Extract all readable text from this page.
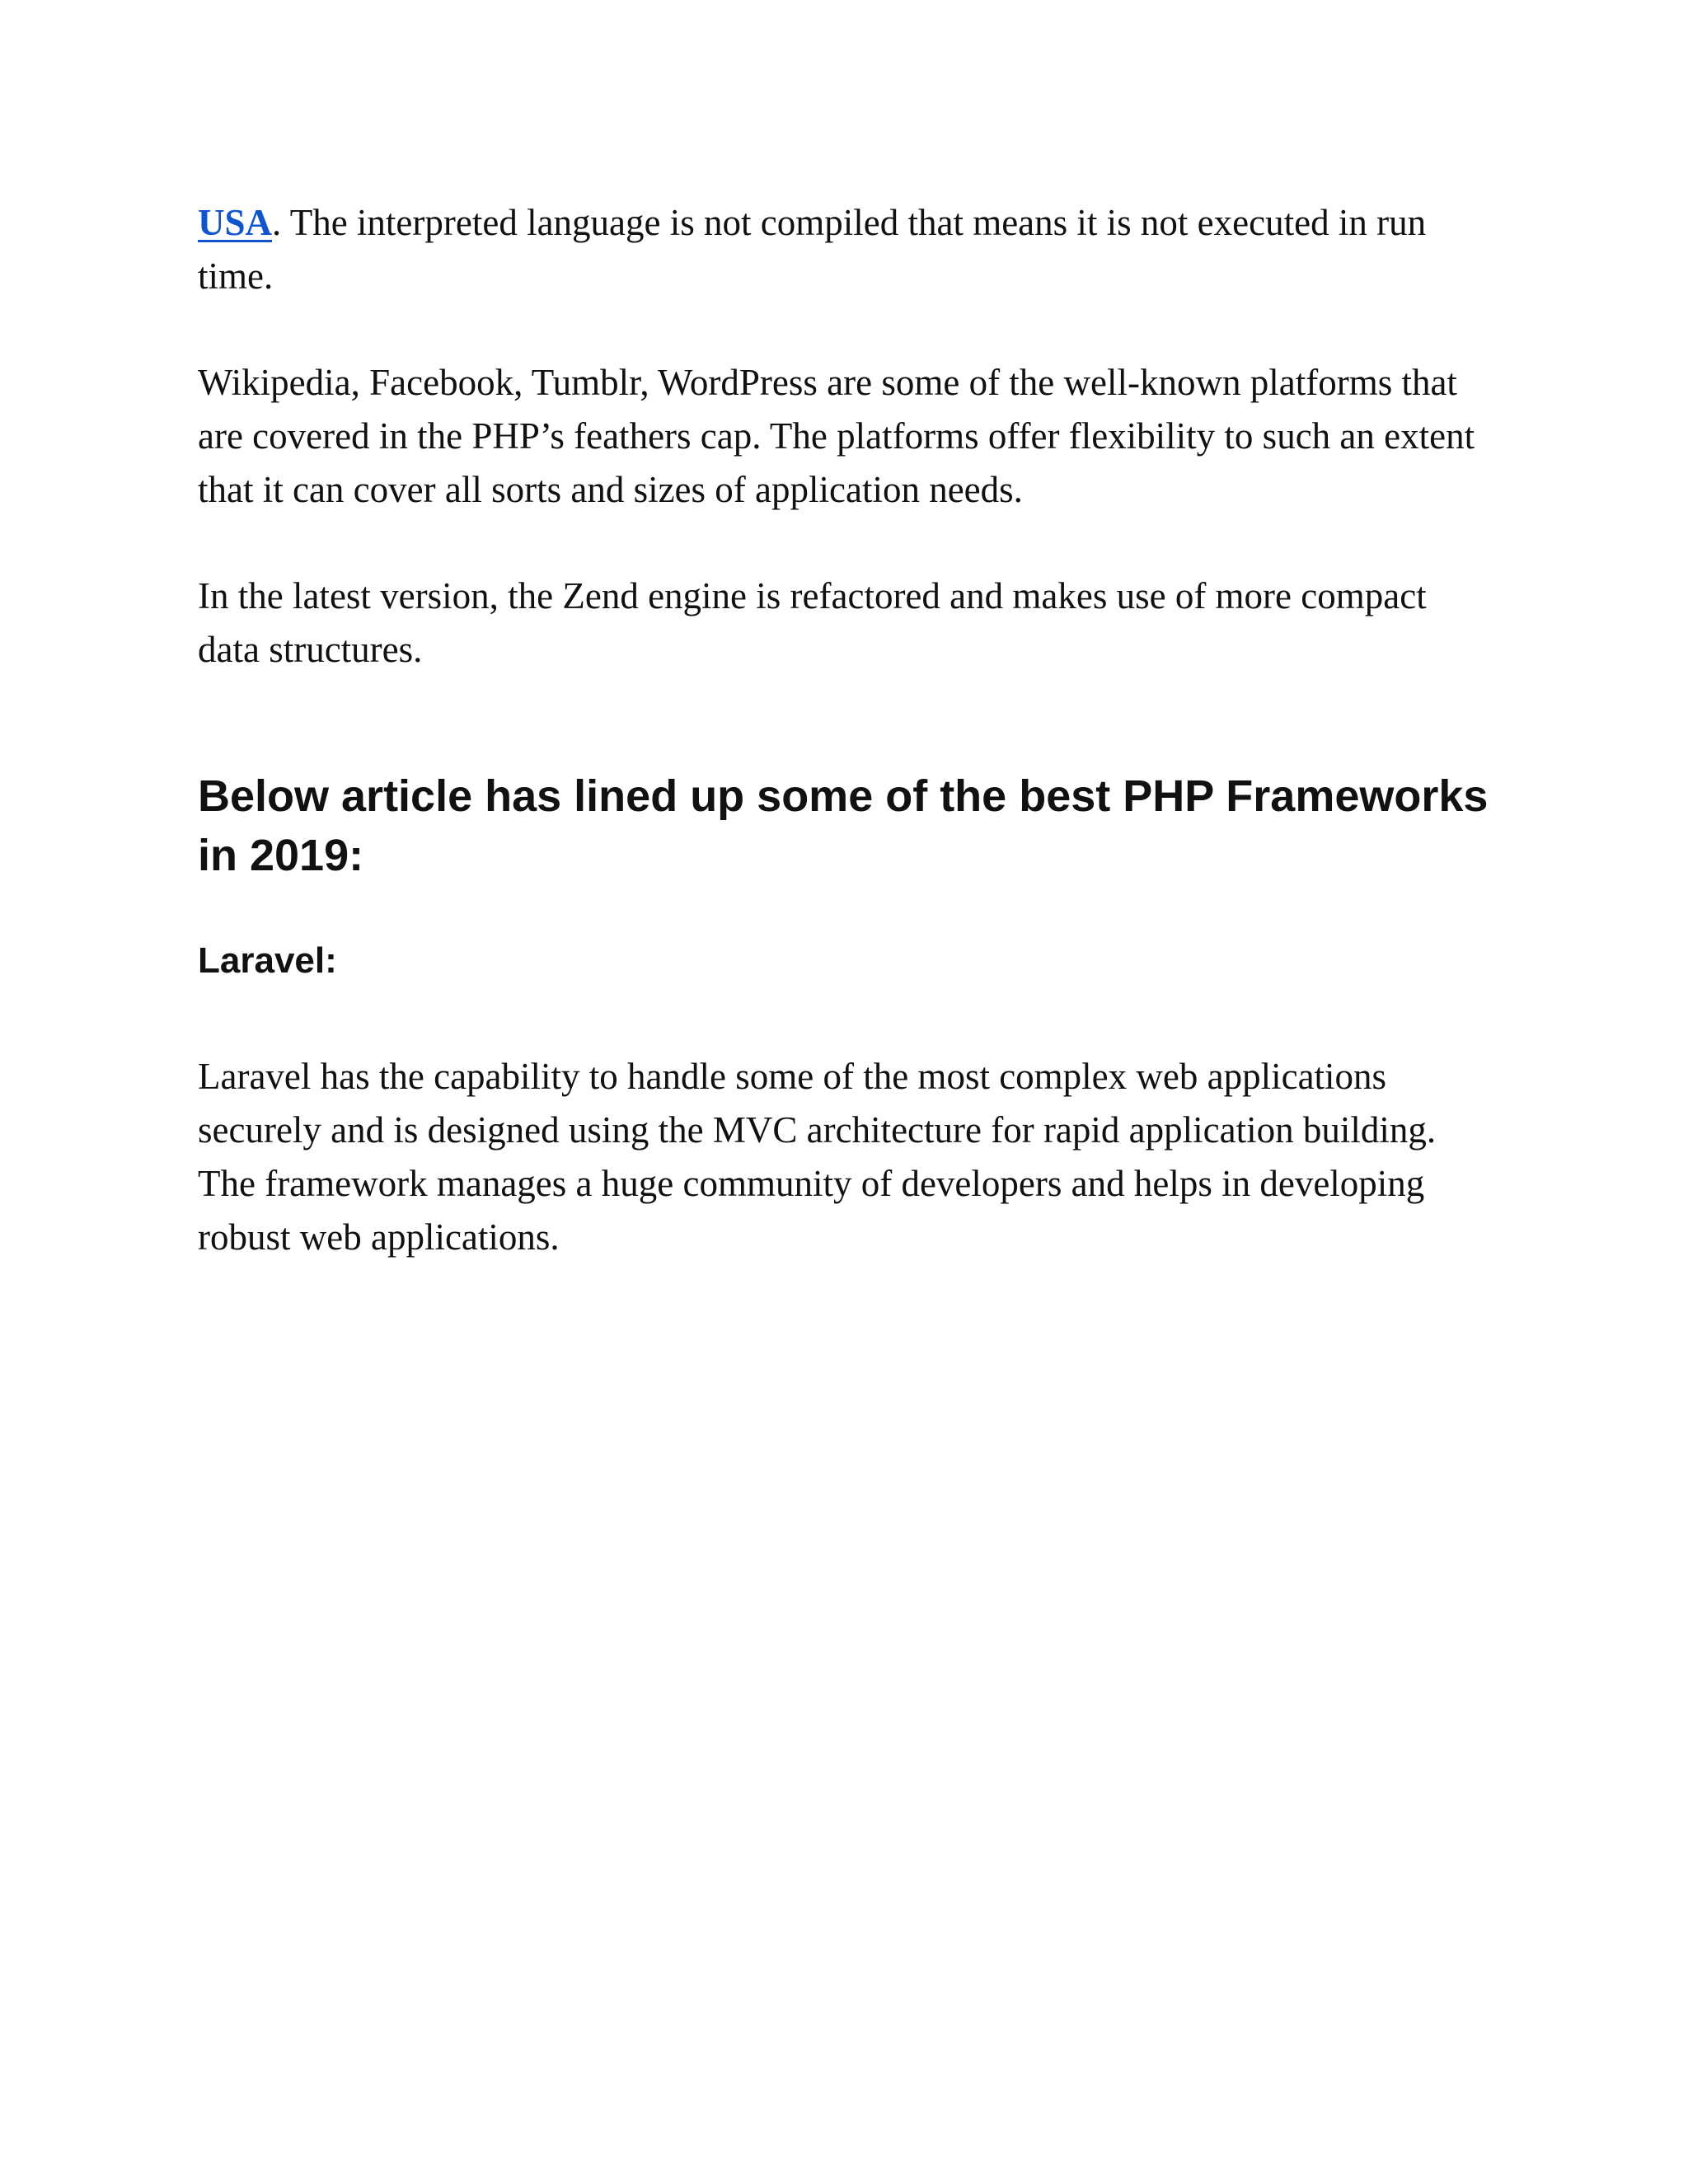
USA. The interpreted language is not compiled that means it is not executed in run time.

Wikipedia, Facebook, Tumblr, WordPress are some of the well-known platforms that are covered in the PHP’s feathers cap. The platforms offer flexibility to such an extent that it can cover all sorts and sizes of application needs.

In the latest version, the Zend engine is refactored and makes use of more compact data structures.

Below article has lined up some of the best PHP Frameworks in 2019:
Laravel:

Laravel has the capability to handle some of the most complex web applications securely and is designed using the MVC architecture for rapid application building. The framework manages a huge community of developers and helps in developing robust web applications.
